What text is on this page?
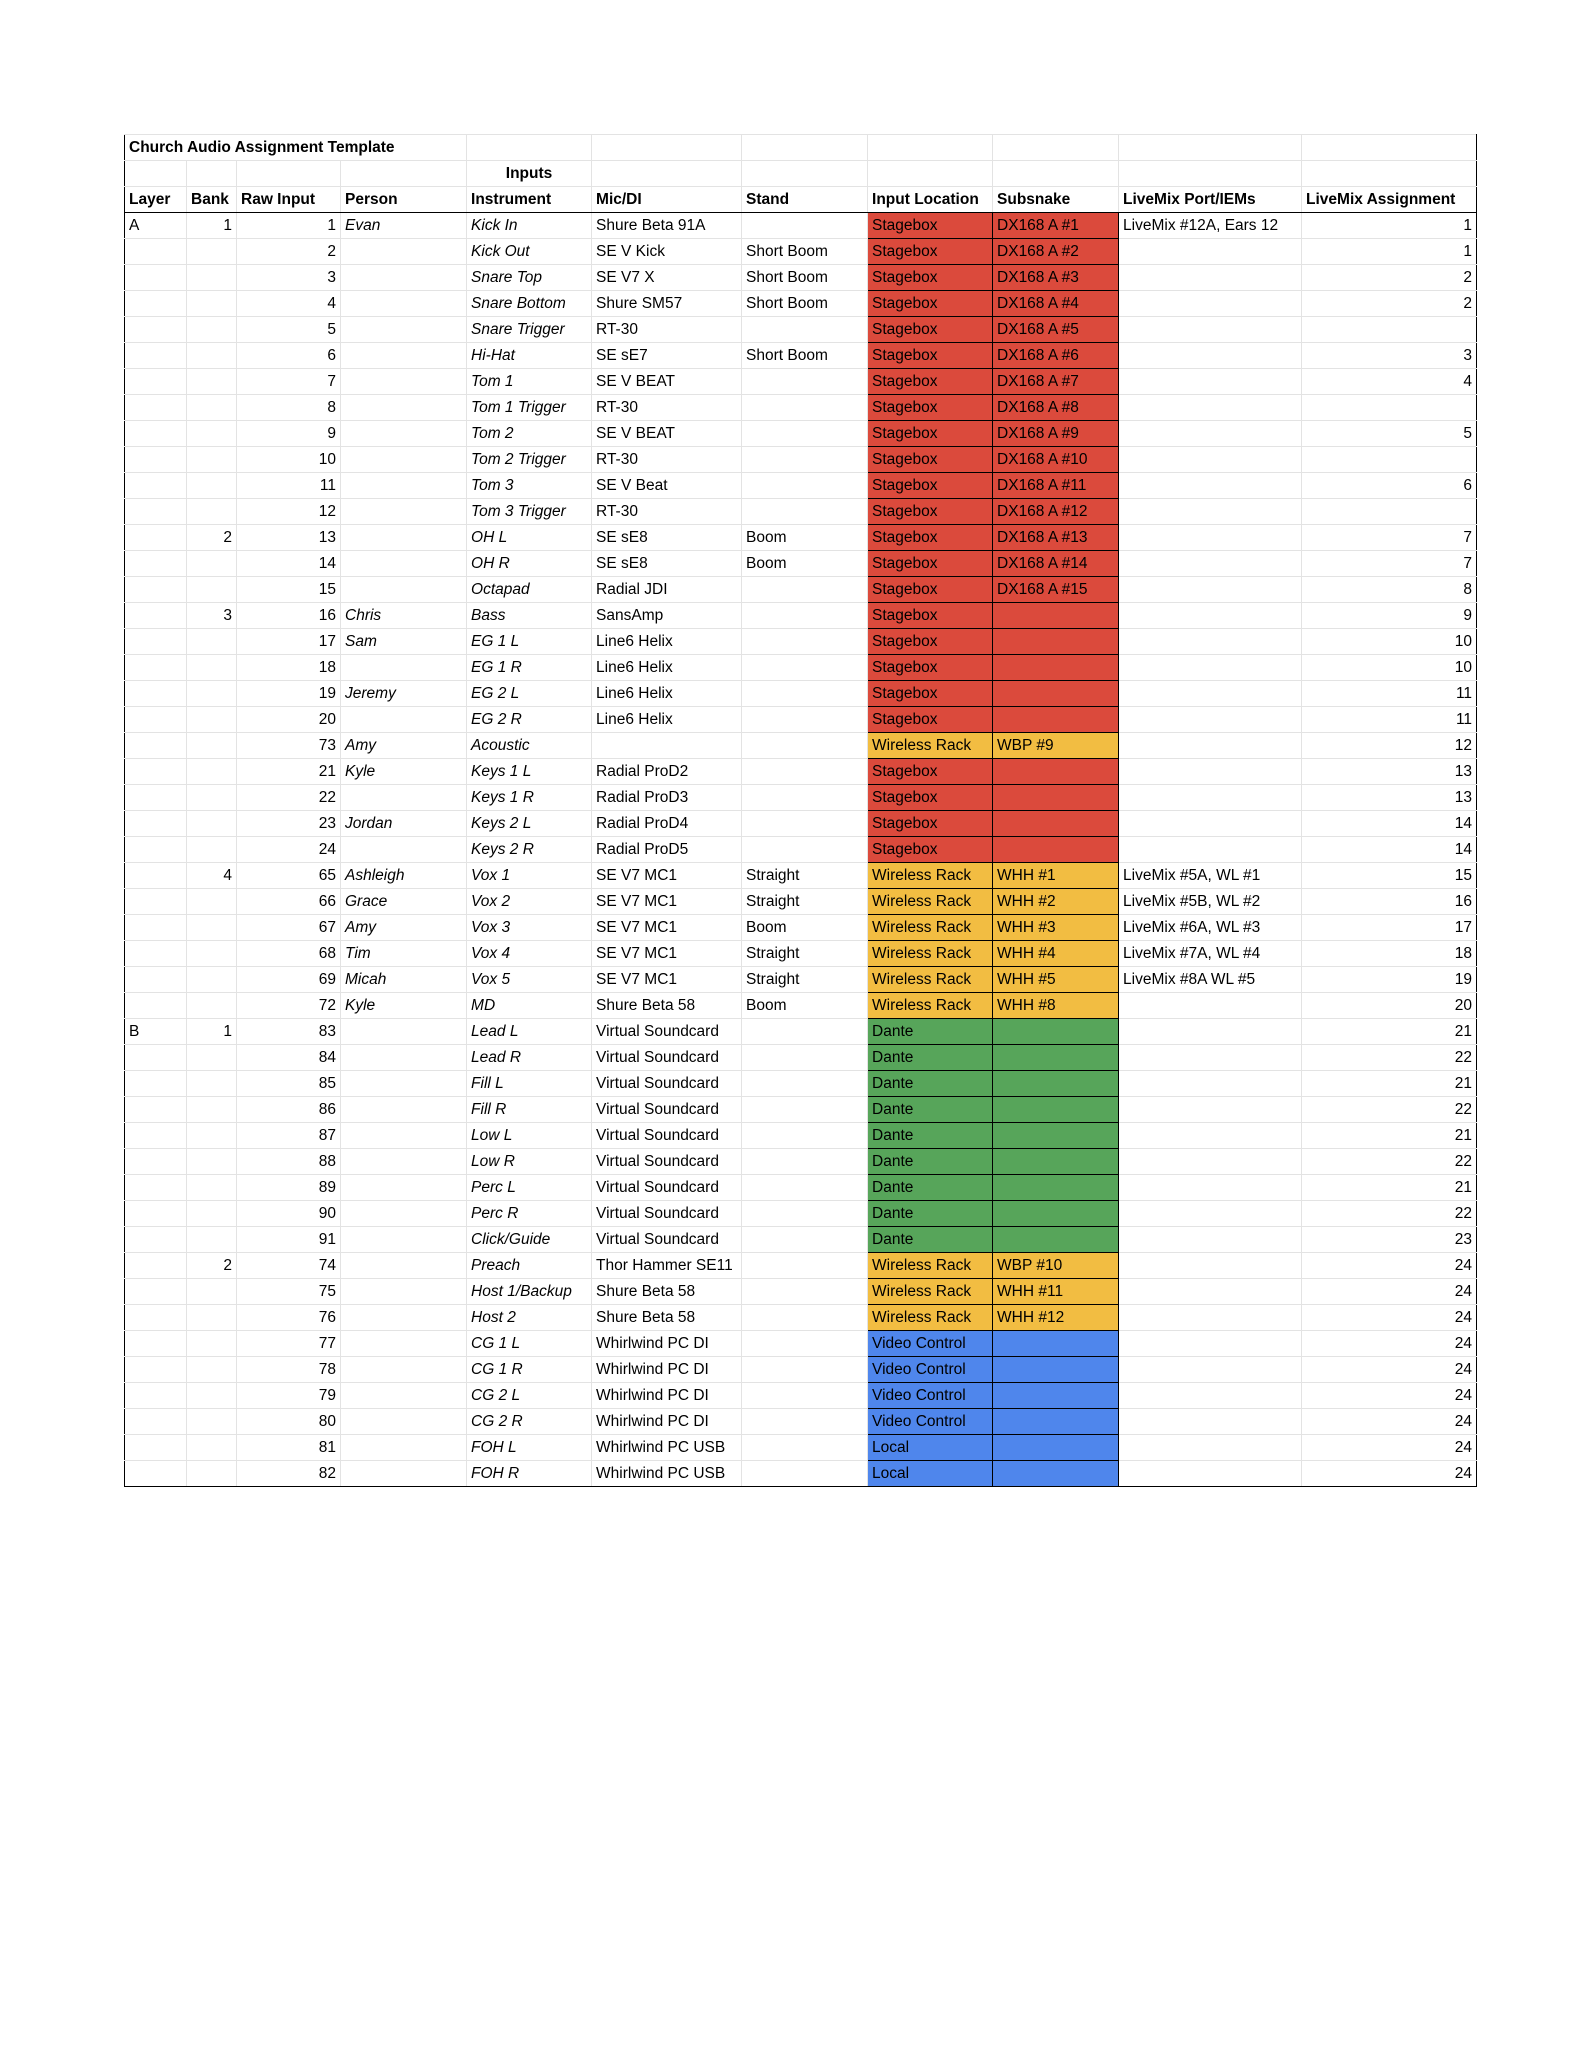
Church Audio Assignment Template										
				Inputs						
Layer	Bank	Raw Input	Person	Instrument	Mic/DI	Stand	Input Location	Subsnake	LiveMix Port/IEMs	LiveMix Assignment
A	1	1	Evan	Kick In	Shure Beta 91A		Stagebox	DX168 A #1	LiveMix #12A, Ears 12	1
		2		Kick Out	SE V Kick	Short Boom	Stagebox	DX168 A #2		1
		3		Snare Top	SE V7 X	Short Boom	Stagebox	DX168 A #3		2
		4		Snare Bottom	Shure SM57	Short Boom	Stagebox	DX168 A #4		2
		5		Snare Trigger	RT-30		Stagebox	DX168 A #5		
		6		Hi-Hat	SE sE7	Short Boom	Stagebox	DX168 A #6		3
		7		Tom 1	SE V BEAT		Stagebox	DX168 A #7		4
		8		Tom 1 Trigger	RT-30		Stagebox	DX168 A #8		
		9		Tom 2	SE V BEAT		Stagebox	DX168 A #9		5
		10		Tom 2 Trigger	RT-30		Stagebox	DX168 A #10		
		11		Tom 3	SE V Beat		Stagebox	DX168 A #11		6
		12		Tom 3 Trigger	RT-30		Stagebox	DX168 A #12		
	2	13		OH L	SE sE8	Boom	Stagebox	DX168 A #13		7
		14		OH R	SE sE8	Boom	Stagebox	DX168 A #14		7
		15		Octapad	Radial JDI		Stagebox	DX168 A #15		8
	3	16	Chris	Bass	SansAmp		Stagebox			9
		17	Sam	EG 1 L	Line6 Helix		Stagebox			10
		18		EG 1 R	Line6 Helix		Stagebox			10
		19	Jeremy	EG 2 L	Line6 Helix		Stagebox			11
		20		EG 2 R	Line6 Helix		Stagebox			11
		73	Amy	Acoustic			Wireless Rack	WBP #9		12
		21	Kyle	Keys 1 L	Radial ProD2		Stagebox			13
		22		Keys 1 R	Radial ProD3		Stagebox			13
		23	Jordan	Keys 2 L	Radial ProD4		Stagebox			14
		24		Keys 2 R	Radial ProD5		Stagebox			14
	4	65	Ashleigh	Vox 1	SE V7 MC1	Straight	Wireless Rack	WHH #1	LiveMix #5A, WL #1	15
		66	Grace	Vox 2	SE V7 MC1	Straight	Wireless Rack	WHH #2	LiveMix #5B, WL #2	16
		67	Amy	Vox 3	SE V7 MC1	Boom	Wireless Rack	WHH #3	LiveMix #6A, WL #3	17
		68	Tim	Vox 4	SE V7 MC1	Straight	Wireless Rack	WHH #4	LiveMix #7A, WL #4	18
		69	Micah	Vox 5	SE V7 MC1	Straight	Wireless Rack	WHH #5	LiveMix #8A WL #5	19
		72	Kyle	MD	Shure Beta 58	Boom	Wireless Rack	WHH #8		20
B	1	83		Lead L	Virtual Soundcard		Dante			21
		84		Lead R	Virtual Soundcard		Dante			22
		85		Fill L	Virtual Soundcard		Dante			21
		86		Fill R	Virtual Soundcard		Dante			22
		87		Low L	Virtual Soundcard		Dante			21
		88		Low R	Virtual Soundcard		Dante			22
		89		Perc L	Virtual Soundcard		Dante			21
		90		Perc R	Virtual Soundcard		Dante			22
		91		Click/Guide	Virtual Soundcard		Dante			23
	2	74		Preach	Thor Hammer SE11		Wireless Rack	WBP #10		24
		75		Host 1/Backup	Shure Beta 58		Wireless Rack	WHH #11		24
		76		Host 2	Shure Beta 58		Wireless Rack	WHH #12		24
		77		CG 1 L	Whirlwind PC DI		Video Control			24
		78		CG 1 R	Whirlwind PC DI		Video Control			24
		79		CG 2 L	Whirlwind PC DI		Video Control			24
		80		CG 2 R	Whirlwind PC DI		Video Control			24
		81		FOH L	Whirlwind PC USB		Local			24
		82		FOH R	Whirlwind PC USB		Local			24
